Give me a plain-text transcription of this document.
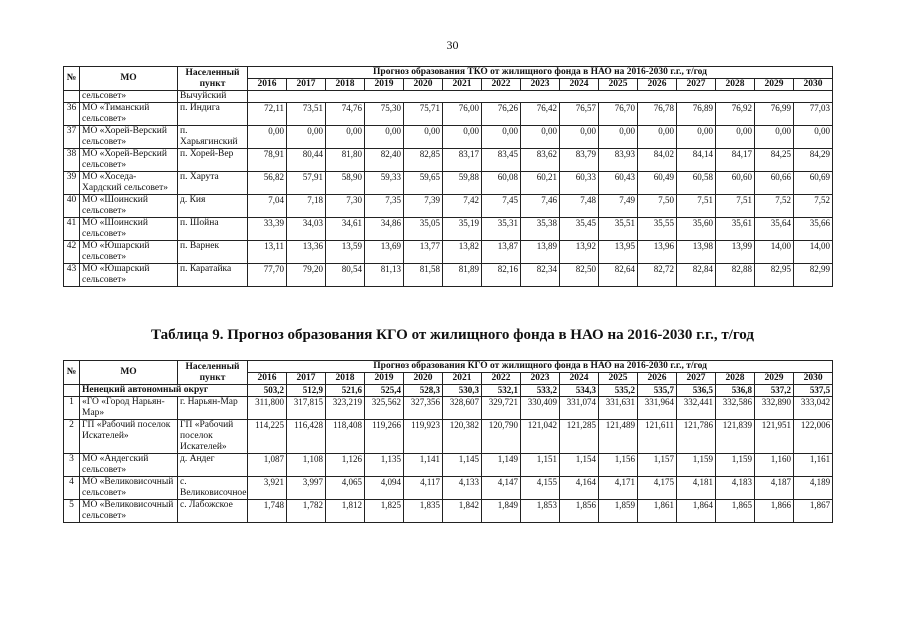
30
№	МО	Населенный пункт	Прогноз образования ТКО от жилищного фонда в НАО на 2016-2030 г.г., т/год														
			2016	2017	2018	2019	2020	2021	2022	2023	2024	2025	2026	2027	2028	2029	2030
	сельсовет»	Вычуйский															
36	МО «Тиманский сельсовет»	п. Индига	72,11	73,51	74,76	75,30	75,71	76,00	76,26	76,42	76,57	76,70	76,78	76,89	76,92	76,99	77,03
37	МО «Хорей-Верский сельсовет»	п. Харьягинский	0,00	0,00	0,00	0,00	0,00	0,00	0,00	0,00	0,00	0,00	0,00	0,00	0,00	0,00	0,00
38	МО «Хорей-Верский сельсовет»	п. Хорей-Вер	78,91	80,44	81,80	82,40	82,85	83,17	83,45	83,62	83,79	83,93	84,02	84,14	84,17	84,25	84,29
39	МО «Хоседа-Хардский сельсовет»	п. Харута	56,82	57,91	58,90	59,33	59,65	59,88	60,08	60,21	60,33	60,43	60,49	60,58	60,60	60,66	60,69
40	МО «Шоинский сельсовет»	д. Кия	7,04	7,18	7,30	7,35	7,39	7,42	7,45	7,46	7,48	7,49	7,50	7,51	7,51	7,52	7,52
41	МО «Шоинский сельсовет»	п. Шойна	33,39	34,03	34,61	34,86	35,05	35,19	35,31	35,38	35,45	35,51	35,55	35,60	35,61	35,64	35,66
42	МО «Юшарский сельсовет»	п. Варнек	13,11	13,36	13,59	13,69	13,77	13,82	13,87	13,89	13,92	13,95	13,96	13,98	13,99	14,00	14,00
43	МО «Юшарский сельсовет»	п. Каратайка	77,70	79,20	80,54	81,13	81,58	81,89	82,16	82,34	82,50	82,64	82,72	82,84	82,88	82,95	82,99
Таблица 9. Прогноз образования КГО от жилищного фонда в НАО на 2016-2030 г.г., т/год
№	МО	Населенный пункт	Прогноз образования КГО от жилищного фонда в НАО на 2016-2030 г.г., т/год														
			2016	2017	2018	2019	2020	2021	2022	2023	2024	2025	2026	2027	2028	2029	2030
	Ненецкий автономный округ		503,2	512,9	521,6	525,4	528,3	530,3	532,1	533,2	534,3	535,2	535,7	536,5	536,8	537,2	537,5
1	«ГО «Город Нарьян-Мар»	г. Нарьян-Мар	311,800	317,815	323,219	325,562	327,356	328,607	329,721	330,409	331,074	331,631	331,964	332,441	332,586	332,890	333,042
2	ГП «Рабочий поселок Искателей»	ГП «Рабочий поселок Искателей»	114,225	116,428	118,408	119,266	119,923	120,382	120,790	121,042	121,285	121,489	121,611	121,786	121,839	121,951	122,006
3	МО «Андегский сельсовет»	д. Андег	1,087	1,108	1,126	1,135	1,141	1,145	1,149	1,151	1,154	1,156	1,157	1,159	1,159	1,160	1,161
4	МО «Великовисочный сельсовет»	с. Великовисочное	3,921	3,997	4,065	4,094	4,117	4,133	4,147	4,155	4,164	4,171	4,175	4,181	4,183	4,187	4,189
5	МО «Великовисочный сельсовет»	с. Лабожское	1,748	1,782	1,812	1,825	1,835	1,842	1,849	1,853	1,856	1,859	1,861	1,864	1,865	1,866	1,867
